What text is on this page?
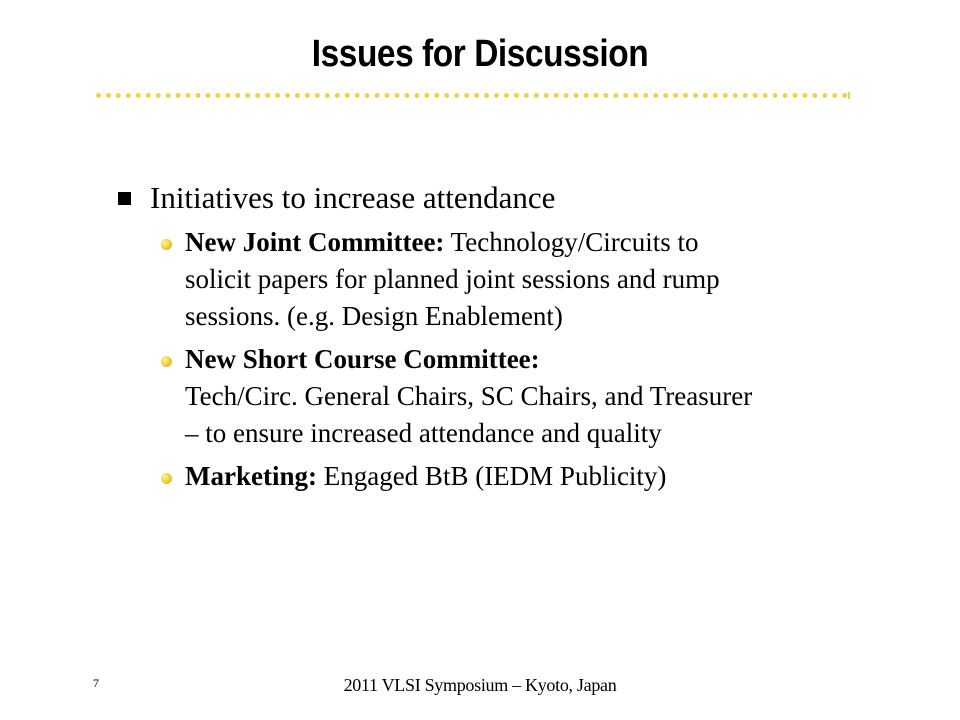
Issues for Discussion
Initiatives to increase attendance
New Joint Committee: Technology/Circuits to
solicit papers for planned joint sessions and rump
sessions. (e.g. Design Enablement)
New Short Course Committee:
Tech/Circ. General Chairs, SC Chairs, and Treasurer
– to ensure increased attendance and quality
Marketing: Engaged BtB (IEDM Publicity)
7	2011 VLSI Symposium – Kyoto, Japan
